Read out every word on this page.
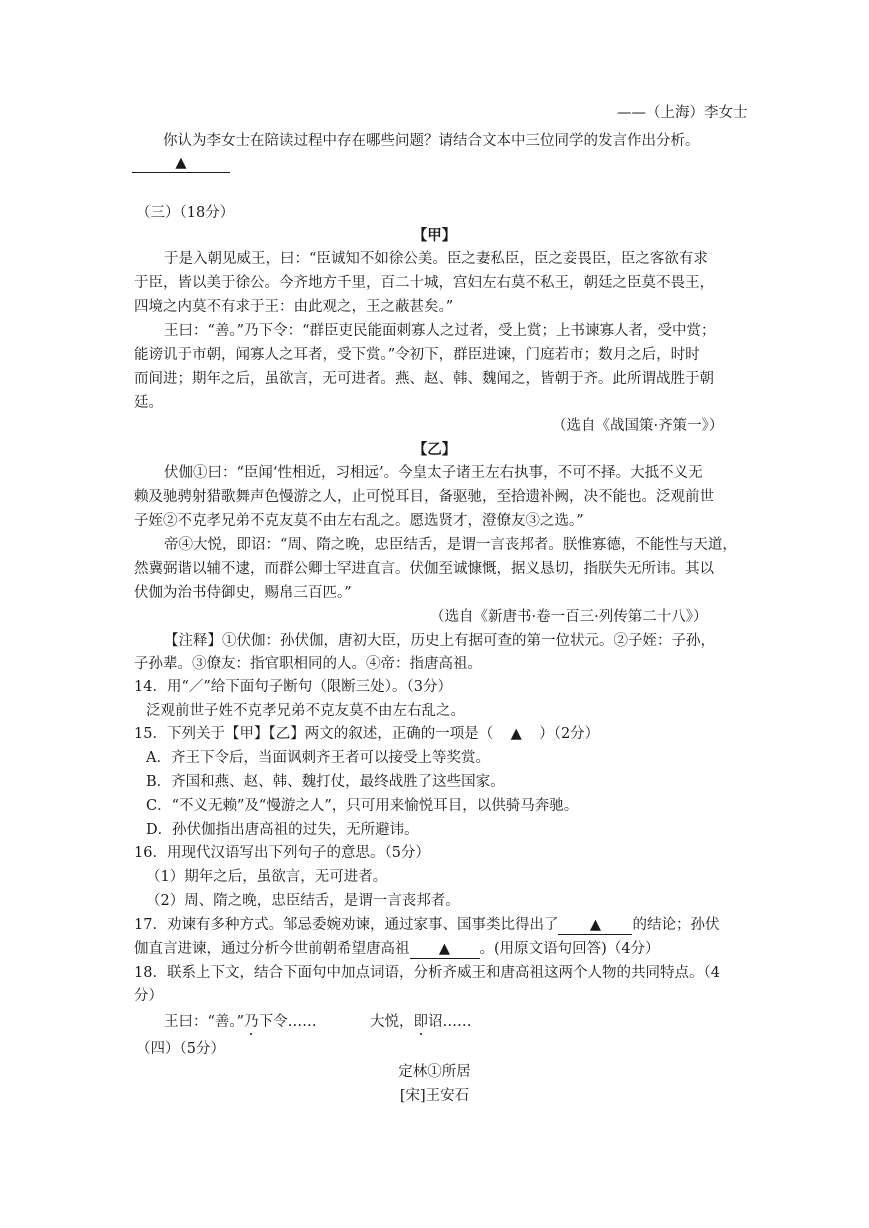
——（上海）李女士
你认为李女士在陪读过程中存在哪些问题？请结合文本中三位同学的发言作出分析。
▲
（三）（18分）
【甲】
于是入朝见威王，曰：“臣诚知不如徐公美。臣之妻私臣，臣之妾畏臣，臣之客欲有求
于臣，皆以美于徐公。今齐地方千里，百二十城，宫妇左右莫不私王，朝廷之臣莫不畏王，
四境之内莫不有求于王：由此观之，王之蔽甚矣。”
王曰：“善。”乃下令：“群臣吏民能面刺寡人之过者，受上赏；上书谏寡人者，受中赏；
能谤讥于市朝，闻寡人之耳者，受下赏。”令初下，群臣进谏，门庭若市；数月之后，时时
而间进；期年之后，虽欲言，无可进者。燕、赵、韩、魏闻之，皆朝于齐。此所谓战胜于朝
廷。
（选自《战国策·齐策一》）
【乙】
伏伽①曰：“臣闻‘性相近，习相远’。今皇太子诸王左右执事，不可不择。大抵不义无
赖及驰骋射猎歌舞声色慢游之人，止可悦耳目，备驱驰，至拾遗补阙，决不能也。泛观前世
子姪②不克孝兄弟不克友莫不由左右乱之。愿选贤才，澄僚友③之选。”
帝④大悦，即诏：“周、隋之晚，忠臣结舌，是谓一言丧邦者。朕惟寡德，不能性与天道，
然冀弼谐以辅不逮，而群公卿士罕进直言。伏伽至诚慷慨，据义恳切，指朕失无所讳。其以
伏伽为治书侍御史，赐帛三百匹。”
（选自《新唐书·卷一百三·列传第二十八》）
【注释】①伏伽：孙伏伽，唐初大臣，历史上有据可查的第一位状元。②子姪：子孙，
子孙辈。③僚友：指官职相同的人。④帝：指唐高祖。
14．用“／”给下面句子断句（限断三处）。（3分）
泛观前世子姓不克孝兄弟不克友莫不由左右乱之。
15．下列关于【甲】【乙】两文的叙述，正确的一项是（ ▲ ）（2分）
A．齐王下令后，当面讽刺齐王者可以接受上等奖赏。
B．齐国和燕、赵、韩、魏打仗，最终战胜了这些国家。
C．“不义无赖”及“慢游之人”，只可用来愉悦耳目，以供骑马奔驰。
D．孙伏伽指出唐高祖的过失，无所避讳。
16．用现代汉语写出下列句子的意思。（5分）
（1）期年之后，虽欲言，无可进者。
（2）周、隋之晚，忠臣结舌，是谓一言丧邦者。
17．劝谏有多种方式。邹忌委婉劝谏，通过家事、国事类比得出了 ▲ 的结论；孙伏
伽直言进谏，通过分析今世前朝希望唐高祖 ▲ 。(用原文语句回答)（4分）
18．联系上下文，结合下面句中加点词语，分析齐威王和唐高祖这两个人物的共同特点。（4
分）
王曰：“善。”乃下令……	大悦，即诏……
（四）（5分）
定林①所居
[宋]王安石
